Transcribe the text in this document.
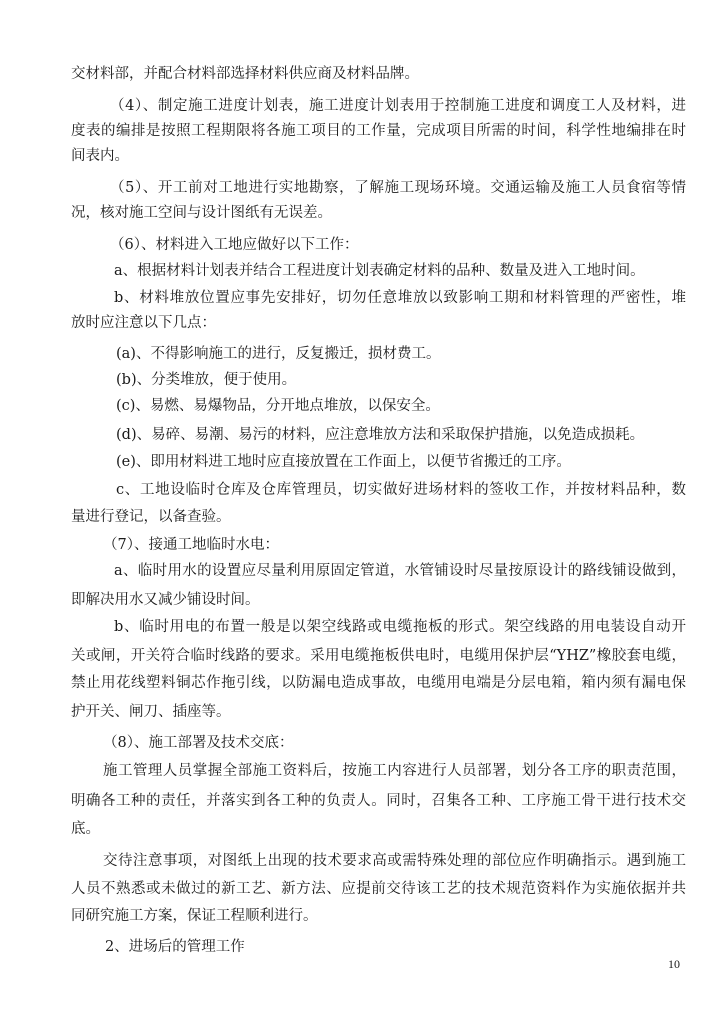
交材料部，并配合材料部选择材料供应商及材料品牌。
（4）、制定施工进度计划表，施工进度计划表用于控制施工进度和调度工人及材料，进
度表的编排是按照工程期限将各施工项目的工作量，完成项目所需的时间，科学性地编排在时
间表内。
（5）、开工前对工地进行实地勘察，了解施工现场环境。交通运输及施工人员食宿等情
况，核对施工空间与设计图纸有无误差。
（6）、材料进入工地应做好以下工作：
a、根据材料计划表并结合工程进度计划表确定材料的品种、数量及进入工地时间。
b、材料堆放位置应事先安排好，切勿任意堆放以致影响工期和材料管理的严密性，堆
放时应注意以下几点：
(a)、不得影响施工的进行，反复搬迁，损材费工。
(b)、分类堆放，便于使用。
(c)、易燃、易爆物品，分开地点堆放，以保安全。
(d)、易碎、易潮、易污的材料，应注意堆放方法和采取保护措施，以免造成损耗。
(e)、即用材料进工地时应直接放置在工作面上，以便节省搬迁的工序。
c、工地设临时仓库及仓库管理员，切实做好进场材料的签收工作，并按材料品种，数
量进行登记，以备查验。
（7）、接通工地临时水电：
a、临时用水的设置应尽量利用原固定管道，水管铺设时尽量按原设计的路线铺设做到，
即解决用水又减少铺设时间。
b、临时用电的布置一般是以架空线路或电缆拖板的形式。架空线路的用电装设自动开
关或闸，开关符合临时线路的要求。采用电缆拖板供电时，电缆用保护层“YHZ”橡胶套电缆，
禁止用花线塑料铜芯作拖引线，以防漏电造成事故，电缆用电端是分层电箱，箱内须有漏电保
护开关、闸刀、插座等。
（8）、施工部署及技术交底：
施工管理人员掌握全部施工资料后，按施工内容进行人员部署，划分各工序的职责范围，
明确各工种的责任，并落实到各工种的负责人。同时，召集各工种、工序施工骨干进行技术交
底。
交待注意事项，对图纸上出现的技术要求高或需特殊处理的部位应作明确指示。遇到施工
人员不熟悉或未做过的新工艺、新方法、应提前交待该工艺的技术规范资料作为实施依据并共
同研究施工方案，保证工程顺利进行。
2、进场后的管理工作
10
